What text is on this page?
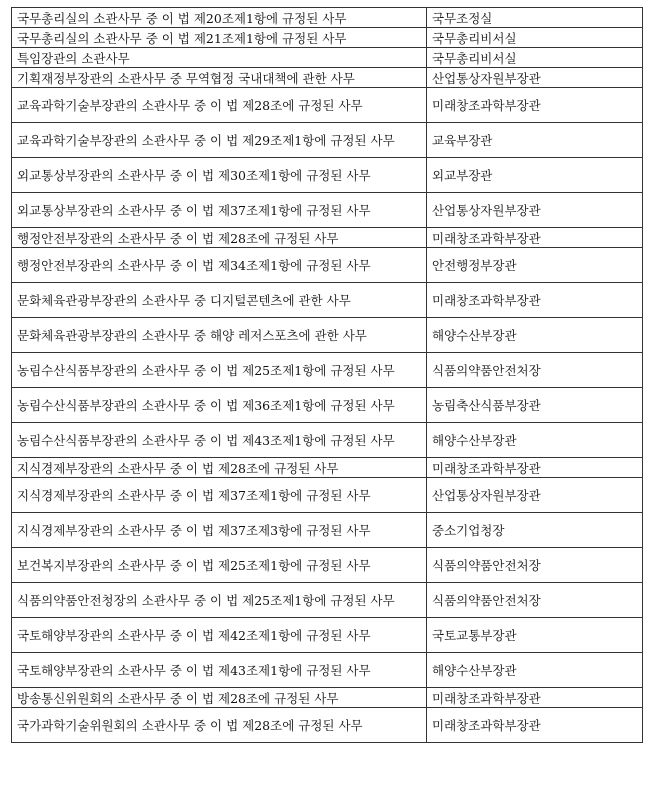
국무총리실의 소관사무 중 이 법 제20조제1항에 규정된 사무	국무조정실
국무총리실의 소관사무 중 이 법 제21조제1항에 규정된 사무	국무총리비서실
특임장관의 소관사무	국무총리비서실
기획재정부장관의 소관사무 중 무역협정 국내대책에 관한 사무	산업통상자원부장관
교육과학기술부장관의 소관사무 중 이 법 제28조에 규정된 사무	미래창조과학부장관
교육과학기술부장관의 소관사무 중 이 법 제29조제1항에 규정된 사무	교육부장관
외교통상부장관의 소관사무 중 이 법 제30조제1항에 규정된 사무	외교부장관
외교통상부장관의 소관사무 중 이 법 제37조제1항에 규정된 사무	산업통상자원부장관
행정안전부장관의 소관사무 중 이 법 제28조에 규정된 사무	미래창조과학부장관
행정안전부장관의 소관사무 중 이 법 제34조제1항에 규정된 사무	안전행정부장관
문화체육관광부장관의 소관사무 중 디지털콘텐츠에 관한 사무	미래창조과학부장관
문화체육관광부장관의 소관사무 중 해양 레저스포츠에 관한 사무	해양수산부장관
농림수산식품부장관의 소관사무 중 이 법 제25조제1항에 규정된 사무	식품의약품안전처장
농림수산식품부장관의 소관사무 중 이 법 제36조제1항에 규정된 사무	농림축산식품부장관
농림수산식품부장관의 소관사무 중 이 법 제43조제1항에 규정된 사무	해양수산부장관
지식경제부장관의 소관사무 중 이 법 제28조에 규정된 사무	미래창조과학부장관
지식경제부장관의 소관사무 중 이 법 제37조제1항에 규정된 사무	산업통상자원부장관
지식경제부장관의 소관사무 중 이 법 제37조제3항에 규정된 사무	중소기업청장
보건복지부장관의 소관사무 중 이 법 제25조제1항에 규정된 사무	식품의약품안전처장
식품의약품안전청장의 소관사무 중 이 법 제25조제1항에 규정된 사무	식품의약품안전처장
국토해양부장관의 소관사무 중 이 법 제42조제1항에 규정된 사무	국토교통부장관
국토해양부장관의 소관사무 중 이 법 제43조제1항에 규정된 사무	해양수산부장관
방송통신위원회의 소관사무 중 이 법 제28조에 규정된 사무	미래창조과학부장관
국가과학기술위원회의 소관사무 중 이 법 제28조에 규정된 사무	미래창조과학부장관
